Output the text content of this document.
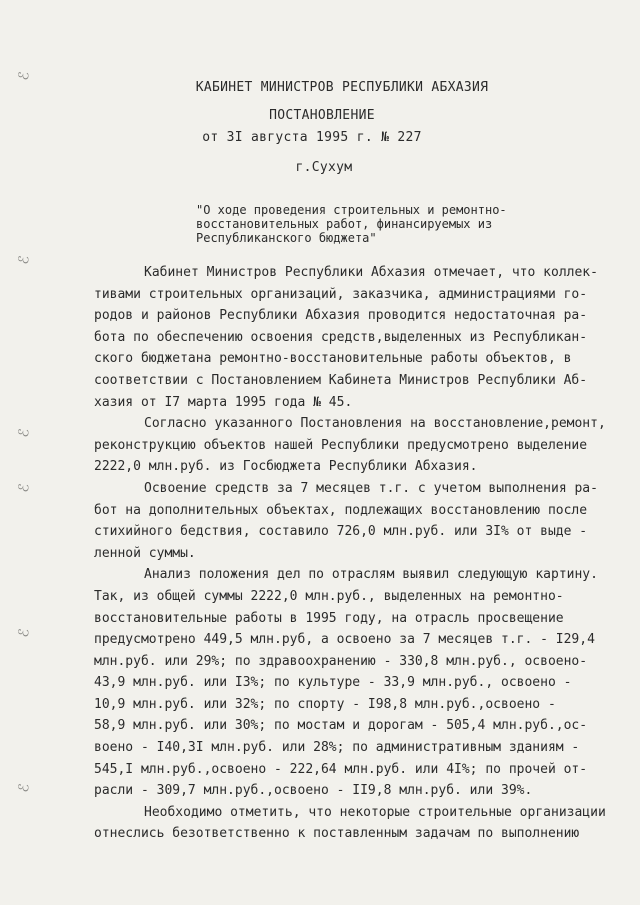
ℰ
ℰ
ℰ
ℰ
ℰ
ℰ
КАБИНЕТ МИНИСТРОВ РЕСПУБЛИКИ АБХАЗИЯ
ПОСТАНОВЛЕНИЕ
от 3I августа 1995 г. № 227
г.Сухум
"О ходе проведения строительных и ремонтно-
восстановительных работ, финансируемых из
Республиканского бюджета"
Кабинет Министров Республики Абхазия отмечает, что коллек-
тивами строительных организаций, заказчика, администрациями го-
родов и районов Республики Абхазия проводится недостаточная ра-
бота по обеспечению освоения средств,выделенных из Республикан-
ского бюджетана ремонтно-восстановительные работы объектов, в
соответствии с Постановлением Кабинета Министров Республики Аб-
хазия от I7 марта 1995 года № 45.
Согласно указанного Постановления на восстановление,ремонт,
реконструкцию объектов нашей Республики предусмотрено выделение
2222,0 млн.руб. из Госбюджета Республики Абхазия.
Освоение средств за 7 месяцев т.г. с учетом выполнения ра-
бот на дополнительных объектах, подлежащих восстановлению после
стихийного бедствия, составило 726,0 млн.руб. или 3I% от выде -
ленной суммы.
Анализ положения дел по отраслям выявил следующую картину.
Так, из общей суммы 2222,0 млн.руб., выделенных на ремонтно-
восстановительные работы в 1995 году, на отрасль просвещение
предусмотрено 449,5 млн.руб, а освоено за 7 месяцев т.г. - I29,4
млн.руб. или 29%; по здравоохранению - 330,8 млн.руб., освоено-
43,9 млн.руб. или I3%; по культуре - 33,9 млн.руб., освоено -
10,9 млн.руб. или 32%; по спорту - I98,8 млн.руб.,освоено -
58,9 млн.руб. или 30%; по мостам и дорогам - 505,4 млн.руб.,ос-
воено - I40,3I млн.руб. или 28%; по административным зданиям -
545,I млн.руб.,освоено - 222,64 млн.руб. или 4I%; по прочей от-
расли - 309,7 млн.руб.,освоено - II9,8 млн.руб. или 39%.
Необходимо отметить, что некоторые строительные организации
отнеслись безответственно к поставленным задачам по выполнению
